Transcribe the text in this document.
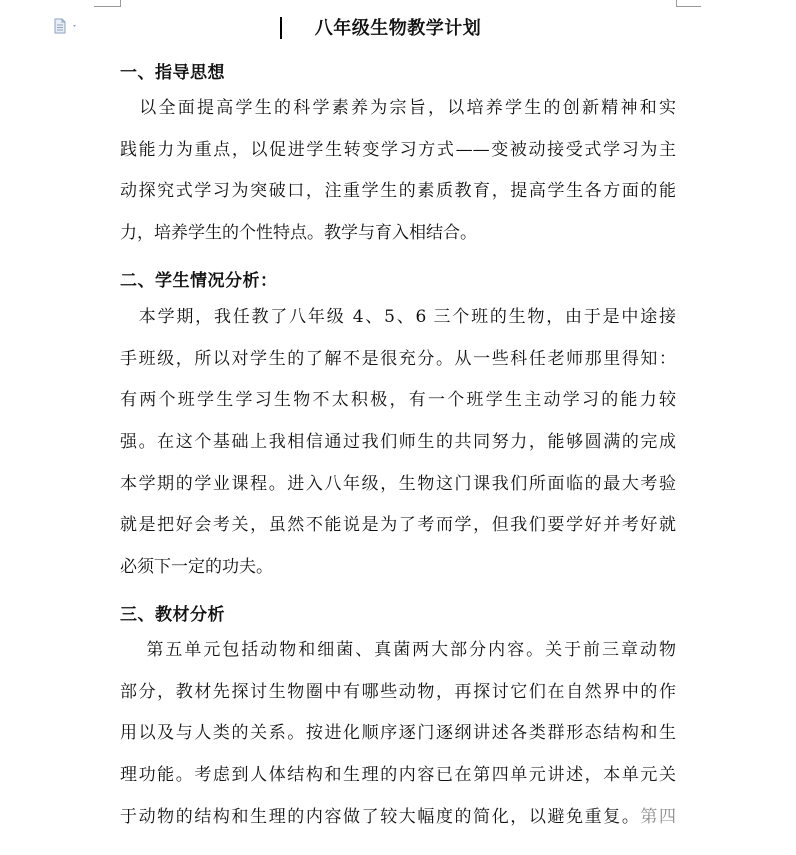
八年级生物教学计划
一、指导思想
　以全面提高学生的科学素养为宗旨，以培养学生的创新精神和实
践能力为重点，以促进学生转变学习方式——变被动接受式学习为主
动探究式学习为突破口，注重学生的素质教育，提高学生各方面的能
力，培养学生的个性特点。教学与育入相结合。
二、学生情况分析：
　本学期，我任教了八年级 4、5、6 三个班的生物，由于是中途接
手班级，所以对学生的了解不是很充分。从一些科任老师那里得知：
有两个班学生学习生物不太积极，有一个班学生主动学习的能力较
强。在这个基础上我相信通过我们师生的共同努力，能够圆满的完成
本学期的学业课程。进入八年级，生物这门课我们所面临的最大考验
就是把好会考关，虽然不能说是为了考而学，但我们要学好并考好就
必须下一定的功夫。
三、教材分析
　 第五单元包括动物和细菌、真菌两大部分内容。关于前三章动物
部分，教材先探讨生物圈中有哪些动物，再探讨它们在自然界中的作
用以及与人类的关系。按进化顺序逐门逐纲讲述各类群形态结构和生
理功能。考虑到人体结构和生理的内容已在第四单元讲述，本单元关
于动物的结构和生理的内容做了较大幅度的简化，以避免重复。第四
